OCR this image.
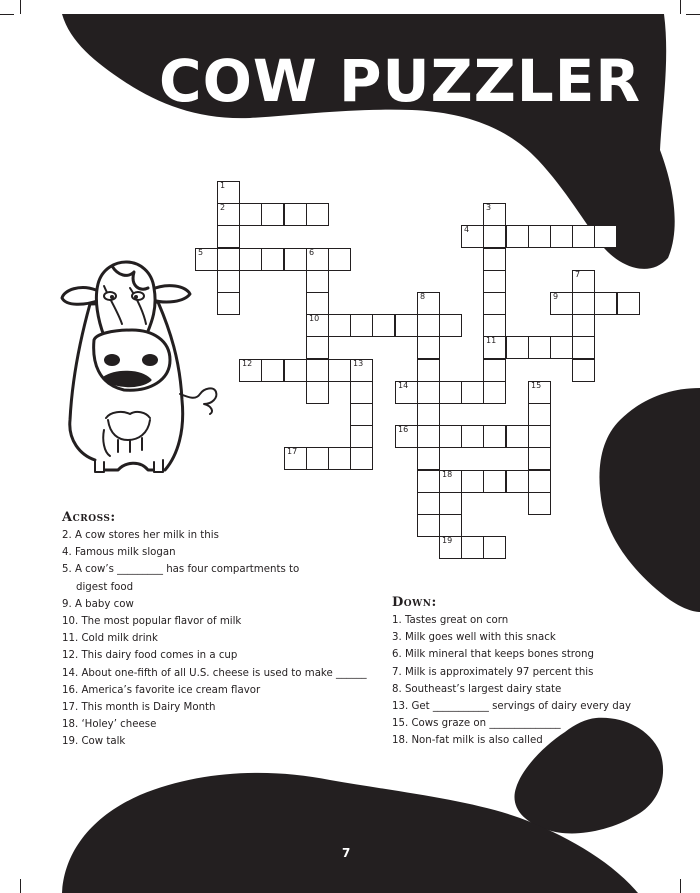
COW PUZZLER
1
2	3
11
4
5	6
10
7
8	9
12	13
14	15
16
17
18
19
Across:
2. A cow stores her milk in this
4. Famous milk slogan
5. A cow’s _________ has four compartments to
digest food
9. A baby cow
10. The most popular flavor of milk
11. Cold milk drink
12. This dairy food comes in a cup
14. About one-fifth of all U.S. cheese is used to make ______
16. America’s favorite ice cream flavor
17. This month is Dairy Month
18. ‘Holey’ cheese
19. Cow talk
Down:
1. Tastes great on corn
3. Milk goes well with this snack
6. Milk mineral that keeps bones strong
7. Milk is approximately 97 percent this
8. Southeast’s largest dairy state
13. Get ___________ servings of dairy every day
15. Cows graze on ______________
18. Non-fat milk is also called
7
